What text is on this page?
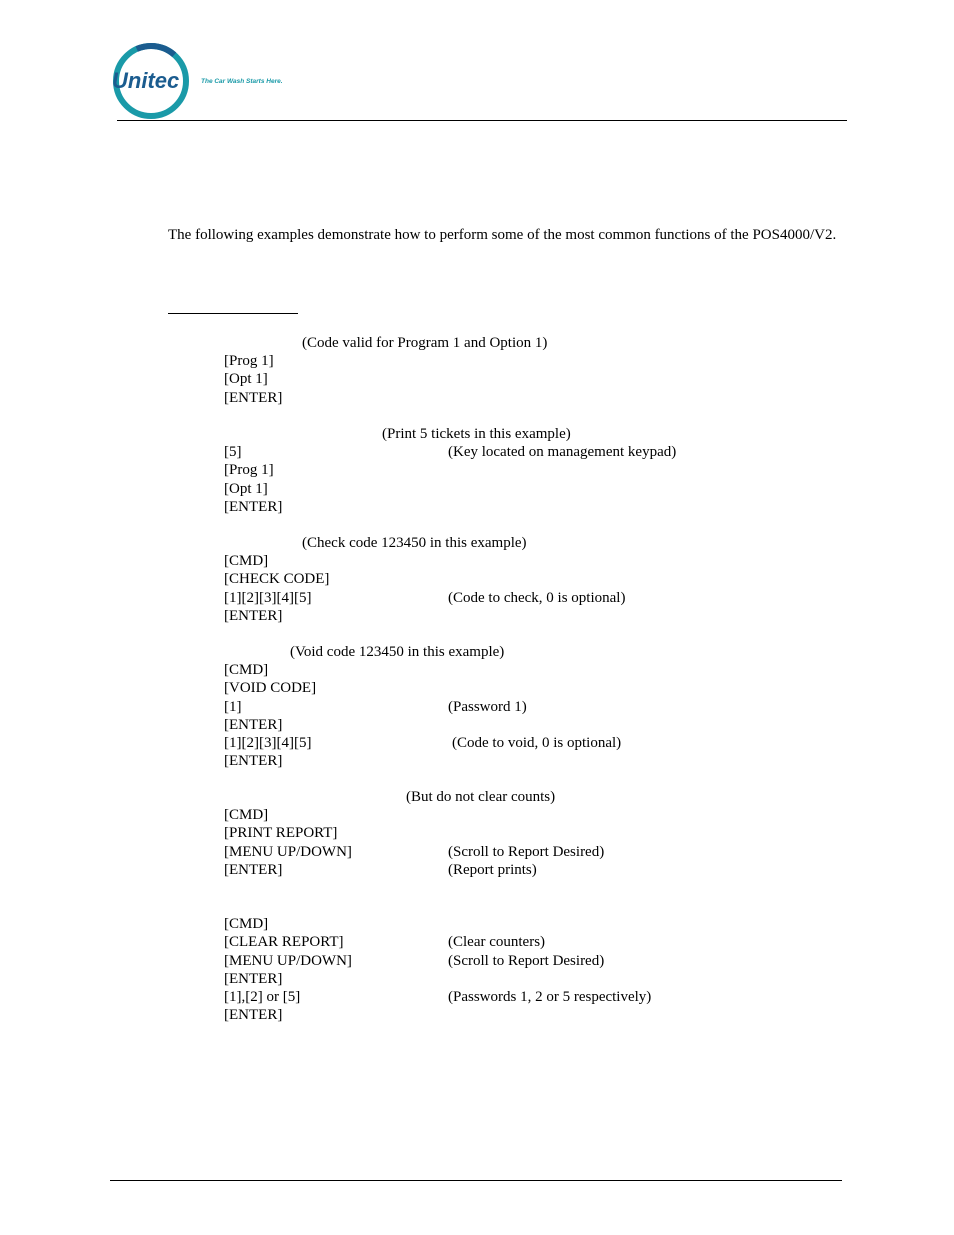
Unitec	The Car Wash Starts Here.
The following examples demonstrate how to perform some of the most common functions of the POS4000/V2.
(Code valid for Program 1 and Option 1)
[Prog 1]
[Opt 1]
[ENTER]
(Print 5 tickets in this example)
[5]	(Key located on management keypad)
[Prog 1]
[Opt 1]
[ENTER]
(Check code 123450 in this example)
[CMD]
[CHECK CODE]
[1][2][3][4][5]	(Code to check, 0 is optional)
[ENTER]
(Void code 123450 in this example)
[CMD]
[VOID CODE]
[1]	(Password 1)
[ENTER]
[1][2][3][4][5]	(Code to void, 0 is optional)
[ENTER]
(But do not clear counts)
[CMD]
[PRINT REPORT]
[MENU UP/DOWN]	(Scroll to Report Desired)
[ENTER]	(Report prints)
[CMD]
[CLEAR REPORT]	(Clear counters)
[MENU UP/DOWN]	(Scroll to Report Desired)
[ENTER]
[1],[2] or [5]	(Passwords 1, 2 or 5 respectively)
[ENTER]
